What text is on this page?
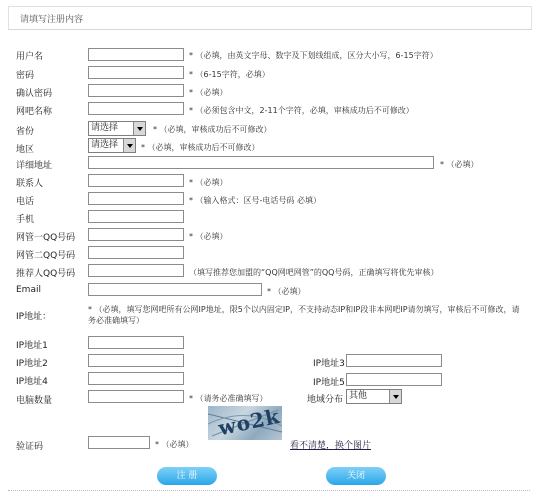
请填写注册内容
用户名	* （必填，由英文字母、数字及下划线组成，区分大小写，6-15字符）
密码	* （6-15字符，必填）
确认密码	* （必填）
网吧名称	* （必须包含中文，2-11个字符，必填，审核成功后不可修改）
省份	请选择	* （必填，审核成功后不可修改）
地区	请选择	* （必填，审核成功后不可修改）
详细地址	* （必填）
联系人	* （必填）
电话	* （输入格式：区号-电话号码 必填）
手机
网管一QQ号码	* （必填）
网管二QQ号码
推荐人QQ号码	（填写推荐您加盟的“QQ网吧网管”的QQ号码，正确填写将优先审核）
Email	* （必填）
IP地址：
* （必填，填写您网吧所有公网IP地址，限5个以内固定IP，不支持动态IP和IP段非本网吧IP请勿填写，审核后不可修改，请务必准确填写）
IP地址1
IP地址2	IP地址3
IP地址4	IP地址5
电脑数量	* （请务必准确填写）	地域分布 其他
验证码	* （必填）
wo2k
看不清楚，换个图片
注 册	关闭
